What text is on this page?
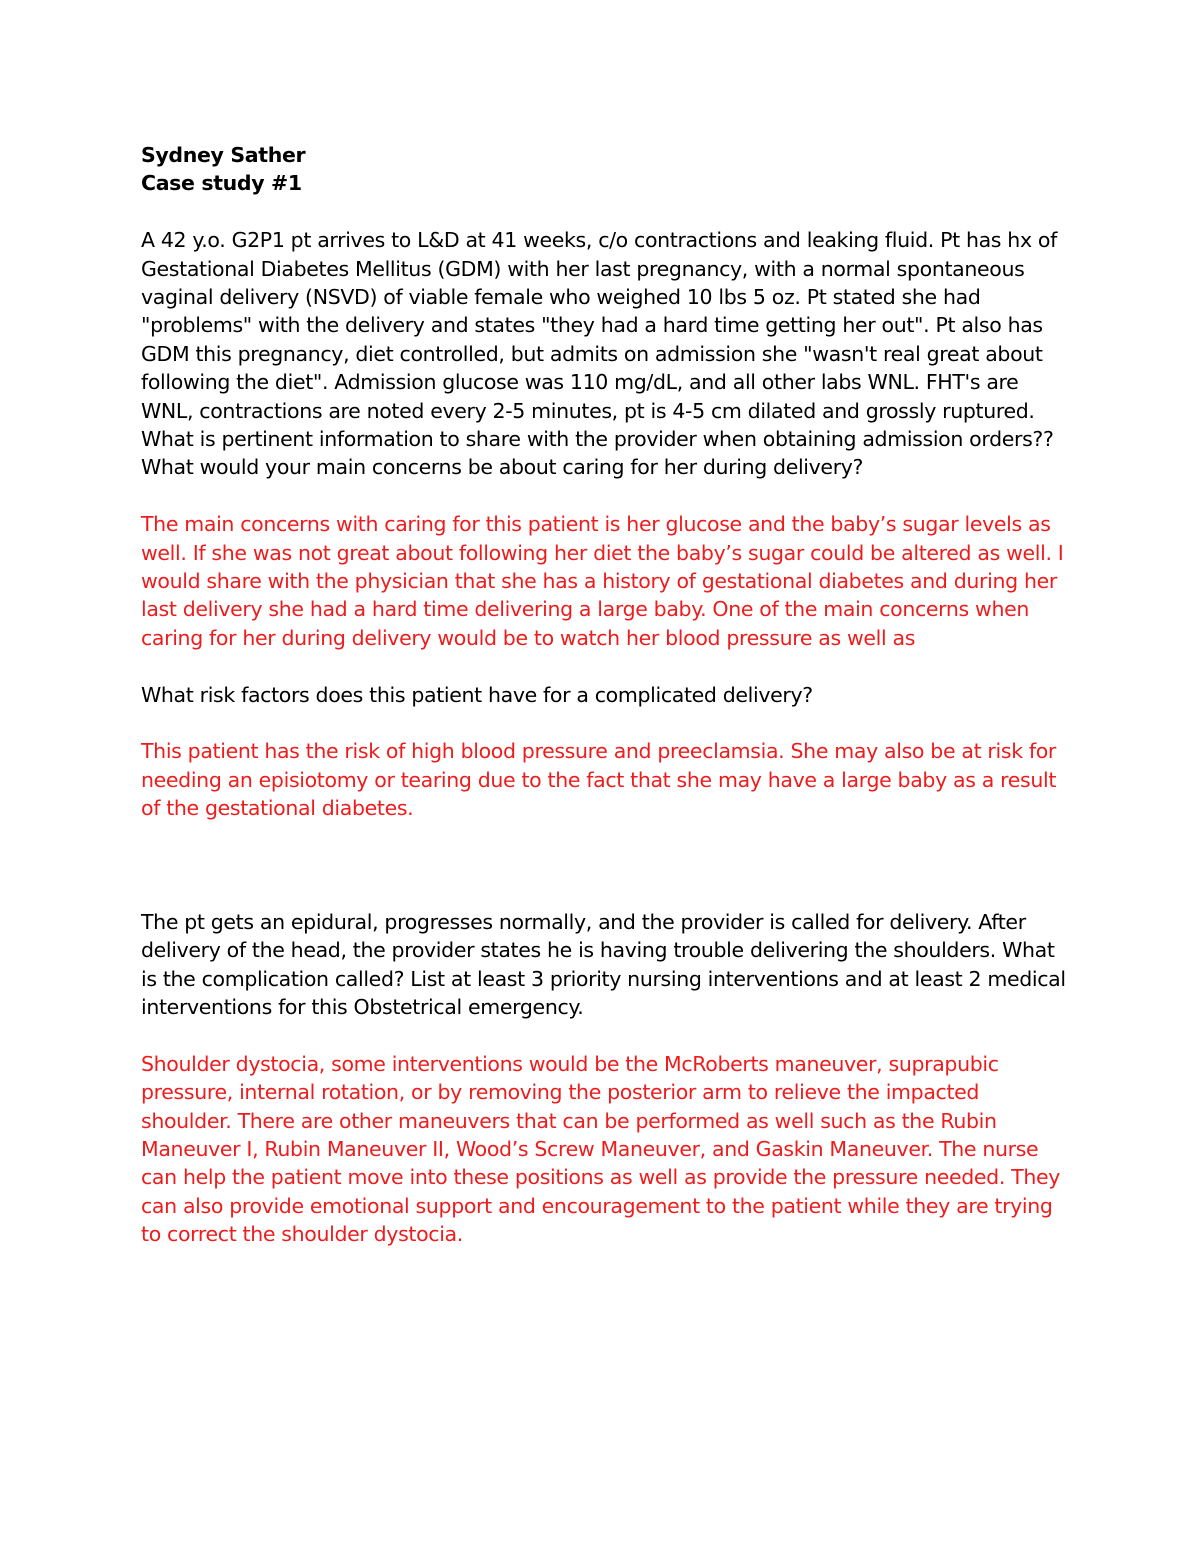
Sydney Sather

Case study #1

A 42 y.o. G2P1 pt arrives to L&D at 41 weeks, c/o contractions and leaking fluid. Pt has hx of Gestational Diabetes Mellitus (GDM) with her last pregnancy, with a normal spontaneous vaginal delivery (NSVD) of viable female who weighed 10 lbs 5 oz. Pt stated she had "problems" with the delivery and states "they had a hard time getting her out". Pt also has GDM this pregnancy, diet controlled, but admits on admission she "wasn't real great about following the diet". Admission glucose was 110 mg/dL, and all other labs WNL. FHT's are WNL, contractions are noted every 2-5 minutes, pt is 4-5 cm dilated and grossly ruptured. What is pertinent information to share with the provider when obtaining admission orders?? What would your main concerns be about caring for her during delivery?

The main concerns with caring for this patient is her glucose and the baby’s sugar levels as well. If she was not great about following her diet the baby’s sugar could be altered as well. I would share with the physician that she has a history of gestational diabetes and during her last delivery she had a hard time delivering a large baby. One of the main concerns when caring for her during delivery would be to watch her blood pressure as well as

What risk factors does this patient have for a complicated delivery?

This patient has the risk of high blood pressure and preeclamsia. She may also be at risk for needing an episiotomy or tearing due to the fact that she may have a large baby as a result of the gestational diabetes.

The pt gets an epidural, progresses normally, and the provider is called for delivery. After delivery of the head, the provider states he is having trouble delivering the shoulders. What is the complication called? List at least 3 priority nursing interventions and at least 2 medical interventions for this Obstetrical emergency.

Shoulder dystocia, some interventions would be the McRoberts maneuver, suprapubic pressure, internal rotation, or by removing the posterior arm to relieve the impacted shoulder. There are other maneuvers that can be performed as well such as the Rubin Maneuver I, Rubin Maneuver II, Wood’s Screw Maneuver, and Gaskin Maneuver. The nurse can help the patient move into these positions as well as provide the pressure needed. They can also provide emotional support and encouragement to the patient while they are trying to correct the shoulder dystocia.
